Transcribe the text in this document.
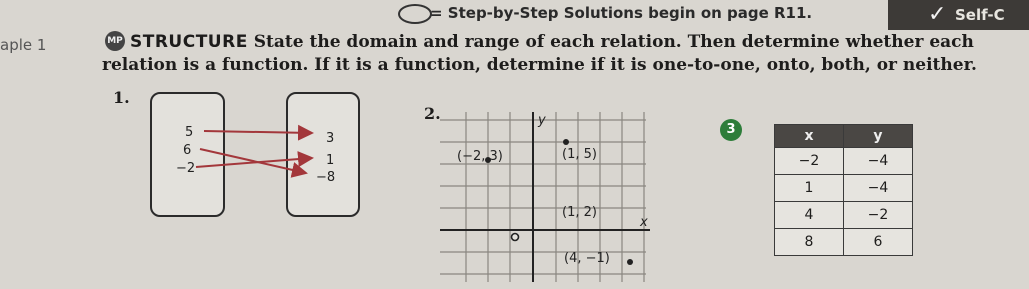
= Step-by-Step Solutions begin on page R11.	✓ Self-C
aple 1	MP STRUCTURE State the domain and range of each relation. Then determine whether each
relation is a function. If it is a function, determine if it is one-to-one, onto, both, or neither.
1.
5
6
−2
3
1
−8
2.	y
x
(−2, 3)	(1, 5)
(1, 2)
(4, −1)
3	x	y
−2	−4
1	−4
4	−2
8	6
